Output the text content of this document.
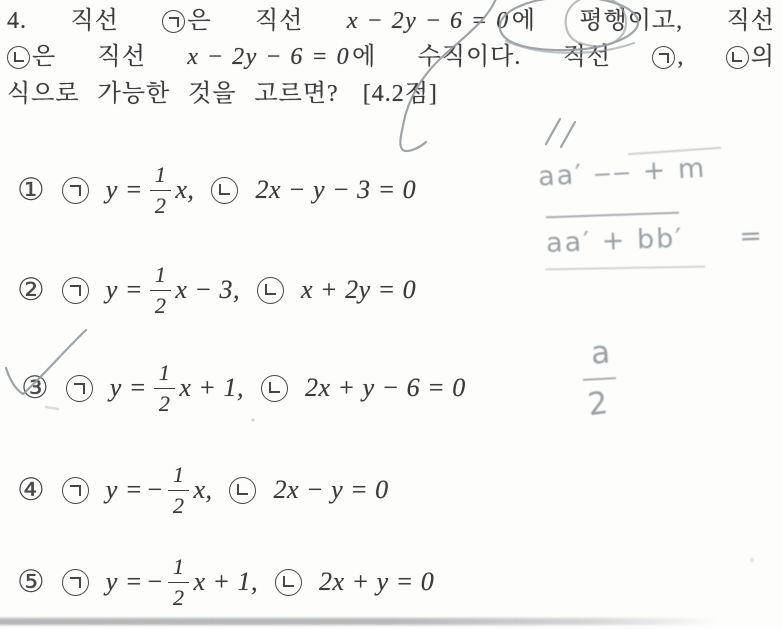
4. 직선	은 직선 x − 2y − 6 = 0 에 평행이고, 직선
은 직선 x − 2y − 6 = 0 에 수직이다. 직선	,	의
식으로 가능한 것을 고르면? [4.2점]
① $y = \frac{1}{2} x$, 2x − y − 3 = 0
② $y = \frac{1}{2}$ x − 3, x + 2y = 0
③ $y = \frac{1}{2}$ x + 1, 2x + y − 6 = 0
④ y = − $\frac{1}{2} x$, 2x − y = 0
⑤ y = − $\frac{1}{2}$ x + 1, 2x + y = 0
aa′ ‒‒ + m
aa′ + bb′ =
a
2
